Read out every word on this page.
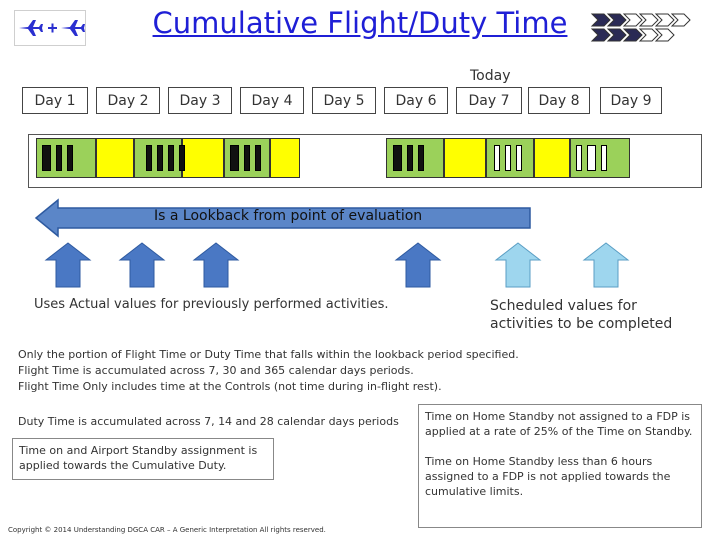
Cumulative Flight/Duty Time
Day 1	Day 2	Day 3	Day 4	Day 5	Day 6
Today
Day 7	Day 8	Day 9
Is a Lookback from point of evaluation
Uses Actual values for previously performed activities.	Scheduled values for activities to be completed
Only the portion of Flight Time or Duty Time that falls within the lookback period specified.
Flight Time is accumulated across 7, 30 and 365 calendar days periods.
Flight Time Only includes time at the Controls (not time during in-flight rest).
Duty Time is accumulated across 7, 14 and 28 calendar days periods
Time on and Airport Standby assignment is applied towards the Cumulative Duty.
Time on Home Standby not assigned to a FDP is applied at a rate of 25% of the Time on Standby.
Time on Home Standby less than 6 hours assigned to a FDP is not applied towards the cumulative limits.
Copyright © 2014 Understanding DGCA CAR – A Generic Interpretation All rights reserved.
